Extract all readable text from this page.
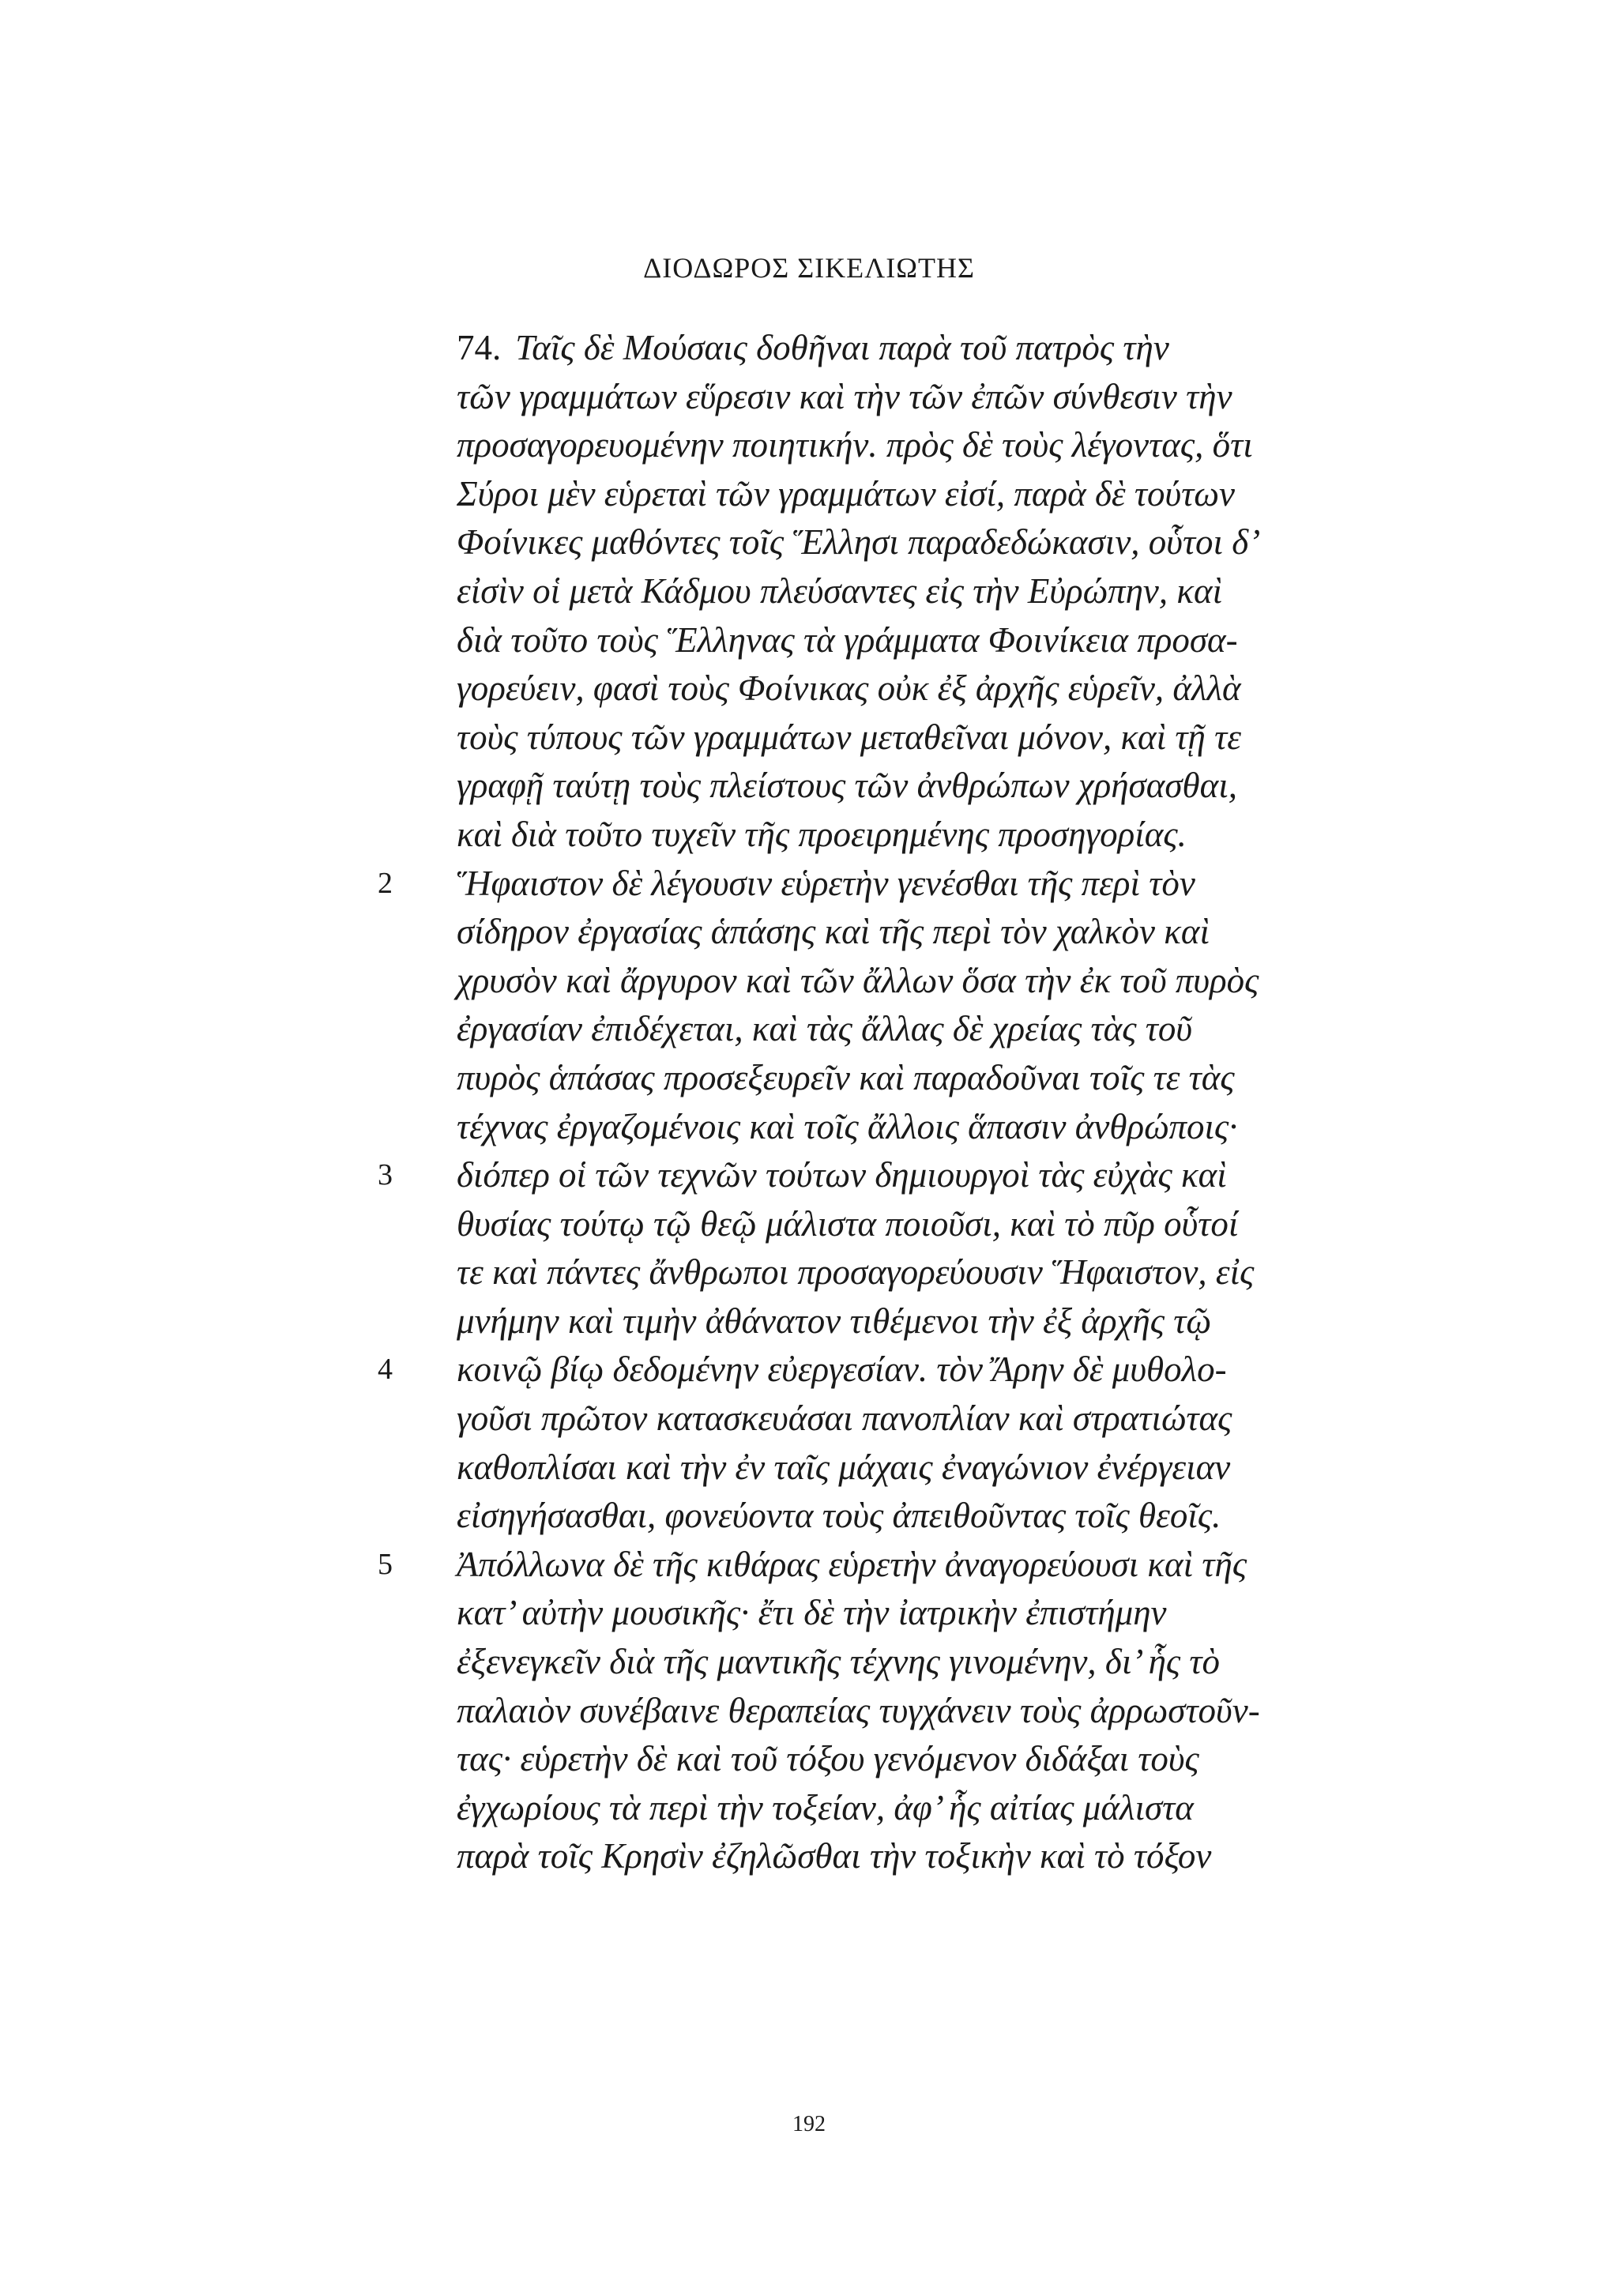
ΔΙΟΔΩΡΟΣ ΣΙΚΕΛΙΩΤΗΣ
74. Ταῖς δὲ Μούσαις δοθῆναι παρὰ τοῦ πατρὸς τὴν
τῶν γραμμάτων εὕρεσιν καὶ τὴν τῶν ἐπῶν σύνθεσιν τὴν
προσαγορευομένην ποιητικήν. πρὸς δὲ τοὺς λέγοντας, ὅτι
Σύροι μὲν εὑρεταὶ τῶν γραμμάτων εἰσί, παρὰ δὲ τούτων
Φοίνικες μαθόντες τοῖς Ἕλλησι παραδεδώκασιν, οὗτοι δ’
εἰσὶν οἱ μετὰ Κάδμου πλεύσαντες εἰς τὴν Εὐρώπην, καὶ
διὰ τοῦτο τοὺς Ἕλληνας τὰ γράμματα Φοινίκεια προσα-
γορεύειν, φασὶ τοὺς Φοίνικας οὐκ ἐξ ἀρχῆς εὑρεῖν, ἀλλὰ
τοὺς τύπους τῶν γραμμάτων μεταθεῖναι μόνον, καὶ τῇ τε
γραφῇ ταύτῃ τοὺς πλείστους τῶν ἀνθρώπων χρήσασθαι,
καὶ διὰ τοῦτο τυχεῖν τῆς προειρημένης προσηγορίας.
2 Ἥφαιστον δὲ λέγουσιν εὑρετὴν γενέσθαι τῆς περὶ τὸν
σίδηρον ἐργασίας ἁπάσης καὶ τῆς περὶ τὸν χαλκὸν καὶ
χρυσὸν καὶ ἄργυρον καὶ τῶν ἄλλων ὅσα τὴν ἐκ τοῦ πυρὸς
ἐργασίαν ἐπιδέχεται, καὶ τὰς ἄλλας δὲ χρείας τὰς τοῦ
πυρὸς ἁπάσας προσεξευρεῖν καὶ παραδοῦναι τοῖς τε τὰς
τέχνας ἐργαζομένοις καὶ τοῖς ἄλλοις ἅπασιν ἀνθρώποις·
3 διόπερ οἱ τῶν τεχνῶν τούτων δημιουργοὶ τὰς εὐχὰς καὶ
θυσίας τούτῳ τῷ θεῷ μάλιστα ποιοῦσι, καὶ τὸ πῦρ οὗτοί
τε καὶ πάντες ἄνθρωποι προσαγορεύουσιν Ἥφαιστον, εἰς
μνήμην καὶ τιμὴν ἀθάνατον τιθέμενοι τὴν ἐξ ἀρχῆς τῷ
4 κοινῷ βίῳ δεδομένην εὐεργεσίαν. τὸν Ἄρην δὲ μυθολο-
γοῦσι πρῶτον κατασκευάσαι πανοπλίαν καὶ στρατιώτας
καθοπλίσαι καὶ τὴν ἐν ταῖς μάχαις ἐναγώνιον ἐνέργειαν
εἰσηγήσασθαι, φονεύοντα τοὺς ἀπειθοῦντας τοῖς θεοῖς.
5 Ἀπόλλωνα δὲ τῆς κιθάρας εὑρετὴν ἀναγορεύουσι καὶ τῆς
κατ’ αὐτὴν μουσικῆς· ἔτι δὲ τὴν ἰατρικὴν ἐπιστήμην
ἐξενεγκεῖν διὰ τῆς μαντικῆς τέχνης γινομένην, δι’ ἧς τὸ
παλαιὸν συνέβαινε θεραπείας τυγχάνειν τοὺς ἀρρωστοῦν-
τας· εὑρετὴν δὲ καὶ τοῦ τόξου γενόμενον διδάξαι τοὺς
ἐγχωρίους τὰ περὶ τὴν τοξείαν, ἀφ’ ἧς αἰτίας μάλιστα
παρὰ τοῖς Κρησὶν ἐζηλῶσθαι τὴν τοξικὴν καὶ τὸ τόξον
192
